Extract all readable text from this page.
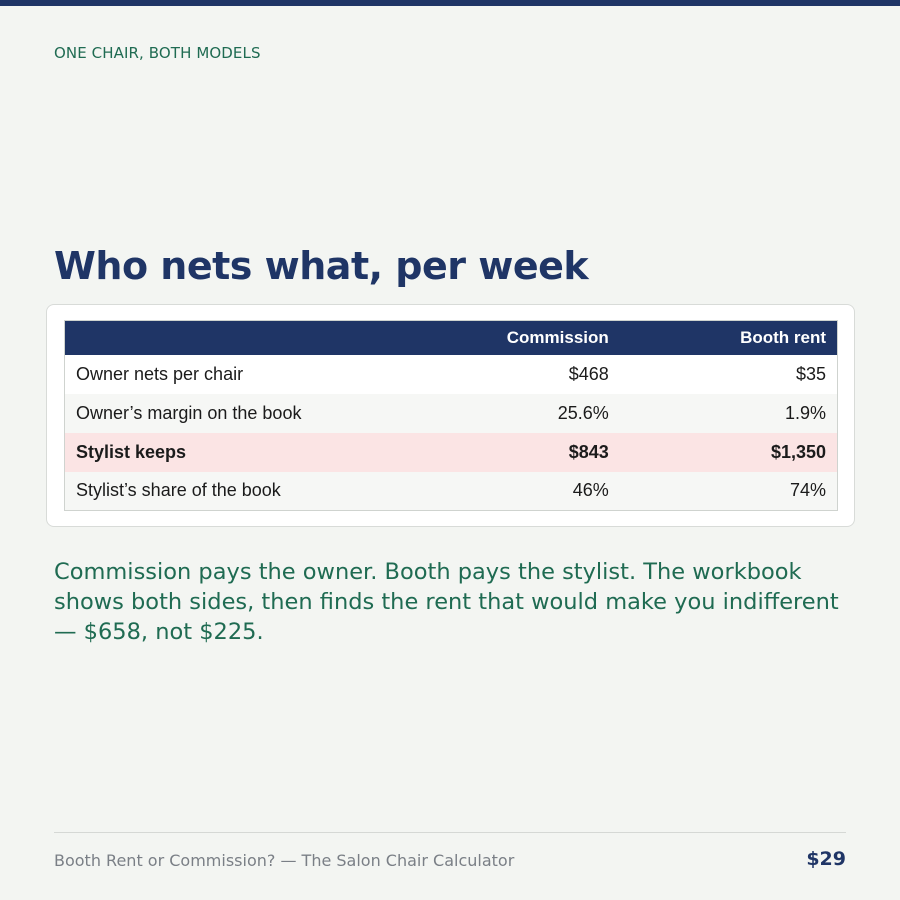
ONE CHAIR, BOTH MODELS
Who nets what, per week
	Commission	Booth rent
Owner nets per chair	$468	$35
Owner’s margin on the book	25.6%	1.9%
Stylist keeps	$843	$1,350
Stylist’s share of the book	46%	74%

Commission pays the owner. Booth pays the stylist. The workbook shows both sides, then finds the rent that would make you indifferent — $658, not $225.

Booth Rent or Commission? — The Salon Chair Calculator	$29
